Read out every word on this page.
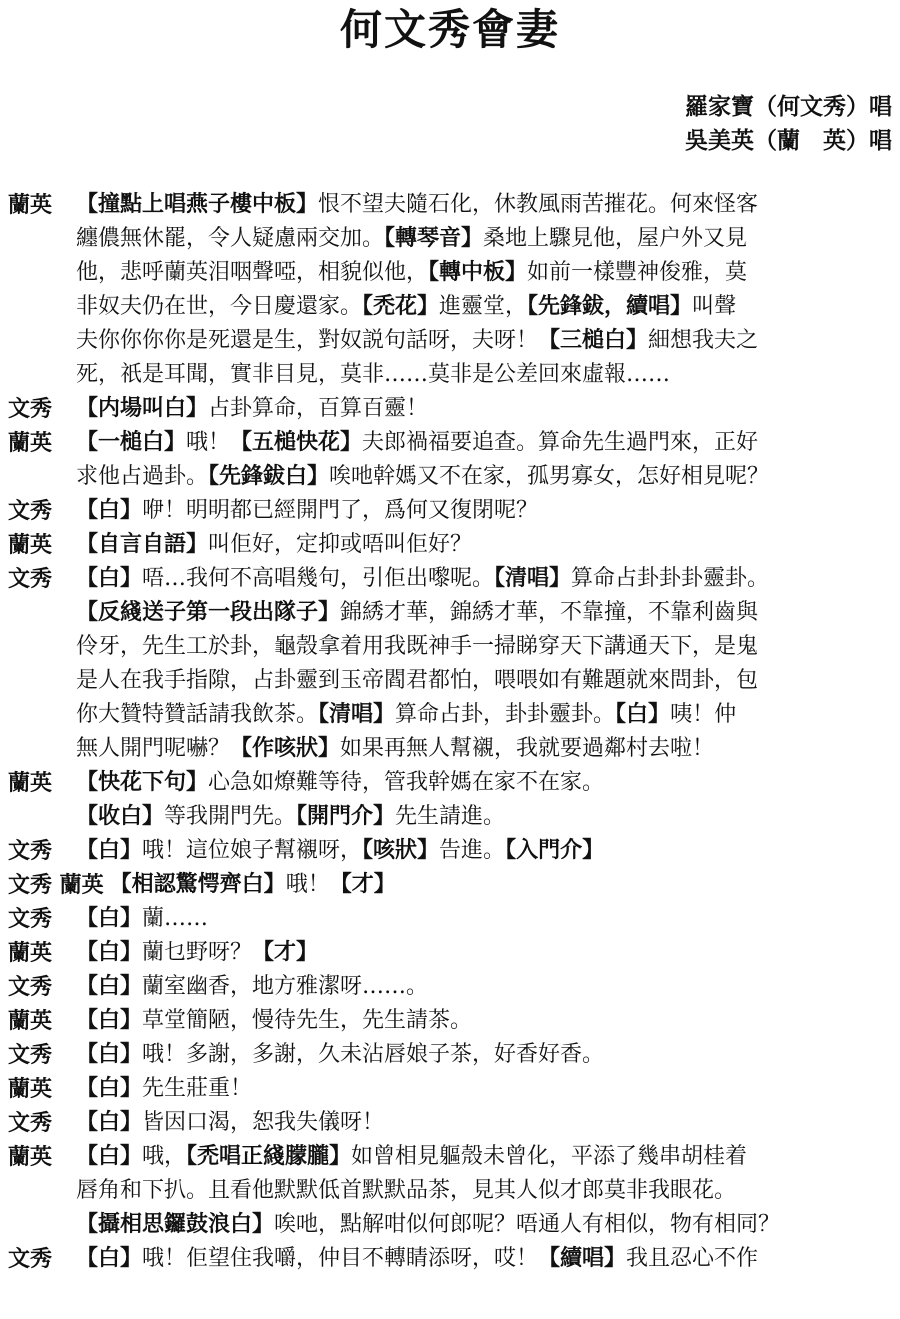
何文秀會妻
羅家寶（何文秀）唱
吳美英（蘭　英）唱
蘭英	【撞點上唱燕子樓中板】恨不望夫隨石化，休教風雨苦摧花。何來怪客
纏儂無休罷，令人疑慮兩交加。【轉琴音】桑地上驟見他，屋户外又見
他，悲呼蘭英泪咽聲啞，相貌似他，【轉中板】如前一樣豐神俊雅，莫
非奴夫仍在世，今日慶還家。【禿花】進靈堂，【先鋒鈸，續唱】叫聲
夫你你你你是死還是生，對奴説句話呀，夫呀！【三槌白】細想我夫之
死，祇是耳聞，實非目見，莫非……莫非是公差回來虛報……
文秀	【内場叫白】占卦算命，百算百靈！
蘭英	【一槌白】哦！【五槌快花】夫郎禍福要追查。算命先生過門來，正好
求他占過卦。【先鋒鈸白】唉吔幹媽又不在家，孤男寡女，怎好相見呢？
文秀	【白】咿！明明都已經開門了，爲何又復閉呢？
蘭英	【自言自語】叫佢好，定抑或唔叫佢好？
文秀	【白】唔…我何不高唱幾句，引佢出嚟呢。【清唱】算命占卦卦卦靈卦。
【反綫送子第一段出隊子】錦綉才華，錦綉才華，不靠撞，不靠利齒與
伶牙，先生工於卦，龜殼拿着用我既神手一掃睇穿天下講通天下，是鬼
是人在我手指隙，占卦靈到玉帝閻君都怕，喂喂如有難題就來問卦，包
你大贊特贊話請我飲茶。【清唱】算命占卦，卦卦靈卦。【白】咦！仲
無人開門呢嚇？【作咳狀】如果再無人幫襯，我就要過鄰村去啦！
蘭英	【快花下句】心急如燎難等待，管我幹媽在家不在家。
【收白】等我開門先。【開門介】先生請進。
文秀	【白】哦！這位娘子幫襯呀，【咳狀】告進。【入門介】
文秀 蘭英 【相認驚愕齊白】哦！【才】
文秀	【白】蘭……
蘭英	【白】蘭乜野呀？【才】
文秀	【白】蘭室幽香，地方雅潔呀……。
蘭英	【白】草堂簡陋，慢待先生，先生請茶。
文秀	【白】哦！多謝，多謝，久未沾唇娘子茶，好香好香。
蘭英	【白】先生莊重！
文秀	【白】皆因口渴，恕我失儀呀！
蘭英	【白】哦，【禿唱正綫朦朧】如曾相見軀殼未曾化，平添了幾串胡桂着
唇角和下扒。且看他默默低首默默品茶，見其人似才郎莫非我眼花。
【攝相思鑼鼓浪白】唉吔，點解咁似何郎呢？唔通人有相似，物有相同？
文秀	【白】哦！佢望住我嚼，仲目不轉睛添呀，哎！【續唱】我且忍心不作
